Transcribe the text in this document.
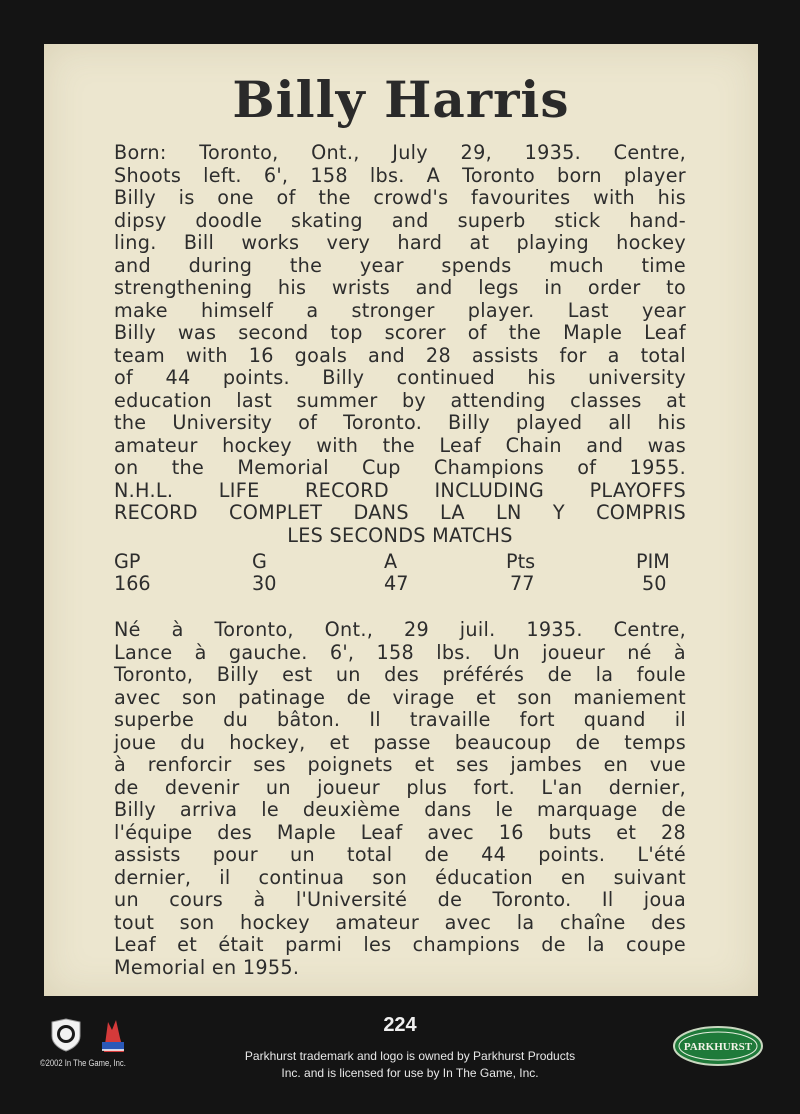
Billy Harris
Born: Toronto, Ont., July 29, 1935. Centre,
Shoots left. 6', 158 lbs. A Toronto born player
Billy is one of the crowd's favourites with his
dipsy doodle skating and superb stick hand-
ling. Bill works very hard at playing hockey
and during the year spends much time
strengthening his wrists and legs in order to
make himself a stronger player. Last year
Billy was second top scorer of the Maple Leaf
team with 16 goals and 28 assists for a total
of 44 points. Billy continued his university
education last summer by attending classes at
the University of Toronto. Billy played all his
amateur hockey with the Leaf Chain and was
on the Memorial Cup Champions of 1955.
N.H.L. LIFE RECORD INCLUDING PLAYOFFS
RECORD COMPLET DANS LA LN Y COMPRIS
LES SECONDS MATCHS
GP	G	A	Pts	PIM
166	30	47	77	50
Né à Toronto, Ont., 29 juil. 1935. Centre,
Lance à gauche. 6', 158 lbs. Un joueur né à
Toronto, Billy est un des préférés de la foule
avec son patinage de virage et son maniement
superbe du bâton. Il travaille fort quand il
joue du hockey, et passe beaucoup de temps
à renforcir ses poignets et ses jambes en vue
de devenir un joueur plus fort. L'an dernier,
Billy arriva le deuxième dans le marquage de
l'équipe des Maple Leaf avec 16 buts et 28
assists pour un total de 44 points. L'été
dernier, il continua son éducation en suivant
un cours à l'Université de Toronto. Il joua
tout son hockey amateur avec la chaîne des
Leaf et était parmi les champions de la coupe
Memorial en 1955.
©2002 In The Game, Inc.
224
Parkhurst trademark and logo is owned by Parkhurst Products
Inc. and is licensed for use by In The Game, Inc.
PARKHURST
